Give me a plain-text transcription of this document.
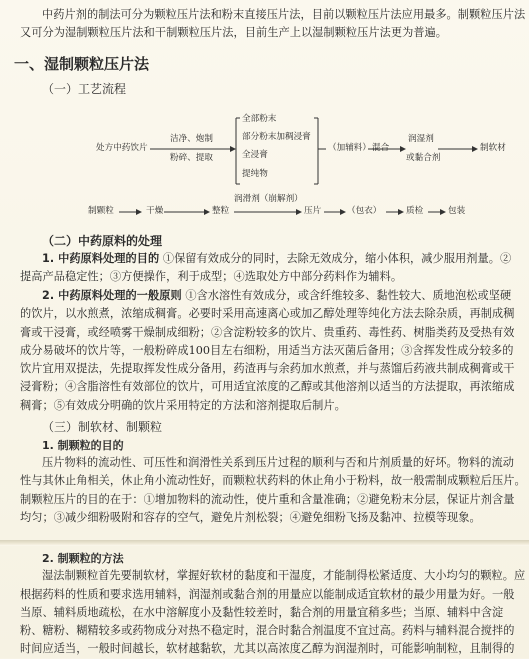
中药片剂的制法可分为颗粒压片法和粉末直接压片法，目前以颗粒压片法应用最多。制颗粒压片法
又可分为湿制颗粒压片法和干制颗粒压片法，目前生产上以湿制颗粒压片法更为普遍。
一、湿制颗粒压片法
（一）工艺流程
处方中药饮片
洁净、炮制
粉碎、提取
全部粉末
部分粉末加稠浸膏
全浸膏
提纯物
（加辅料） 混合
润湿剂
或黏合剂
制软材
制颗粒	干燥	整粒
润滑剂（崩解剂）
压片	（包衣）	质检	包装
（二）中药原料的处理
1. 中药原料处理的目的 ①保留有效成分的同时，去除无效成分，缩小体积，减少服用剂量。②
提高产品稳定性；③方便操作，利于成型；④选取处方中部分药料作为辅料。
2. 中药原料处理的一般原则 ①含水溶性有效成分，或含纤维较多、黏性较大、质地泡松或坚硬
的饮片，以水煎煮，浓缩成稠膏。必要时采用高速离心或加乙醇处理等纯化方法去除杂质，再制成稠
膏或干浸膏，或经喷雾干燥制成细粉；②含淀粉较多的饮片、贵重药、毒性药、树脂类药及受热有效
成分易破坏的饮片等，一般粉碎成100目左右细粉，用适当方法灭菌后备用；③含挥发性成分较多的
饮片宜用双提法，先提取挥发性成分备用，药渣再与余药加水煎煮，并与蒸馏后药液共制成稠膏或干
浸膏粉；④含脂溶性有效部位的饮片，可用适宜浓度的乙醇或其他溶剂以适当的方法提取，再浓缩成
稠膏；⑤有效成分明确的饮片采用特定的方法和溶剂提取后制片。
（三）制软材、制颗粒
1. 制颗粒的目的
压片物料的流动性、可压性和润滑性关系到压片过程的顺利与否和片剂质量的好坏。物料的流动
性与其休止角相关，休止角小流动性好，而颗粒状药料的休止角小于粉料，故一般需制成颗粒后压片。
制颗粒压片的目的在于：①增加物料的流动性，使片重和含量准确；②避免粉末分层，保证片剂含量
均匀；③减少细粉吸附和容存的空气，避免片剂松裂；④避免细粉飞扬及黏冲、拉模等现象。
2. 制颗粒的方法
湿法制颗粒首先要制软材，掌握好软材的黏度和干湿度，才能制得松紧适度、大小均匀的颗粒。应
根据药料的性质和要求选用辅料，润湿剂或黏合剂的用量应以能制成适宜软材的最少用量为好。一般
当原、辅料质地疏松，在水中溶解度小及黏性较差时，黏合剂的用量宜稍多些；当原、辅料中含淀
粉、糖粉、糊精较多或药物成分对热不稳定时，混合时黏合剂温度不宜过高。药料与辅料混合搅拌的
时间应适当，一般时间越长，软材越黏软，尤其以高浓度乙醇为润湿剂时，可能影响制粒，且制得的
